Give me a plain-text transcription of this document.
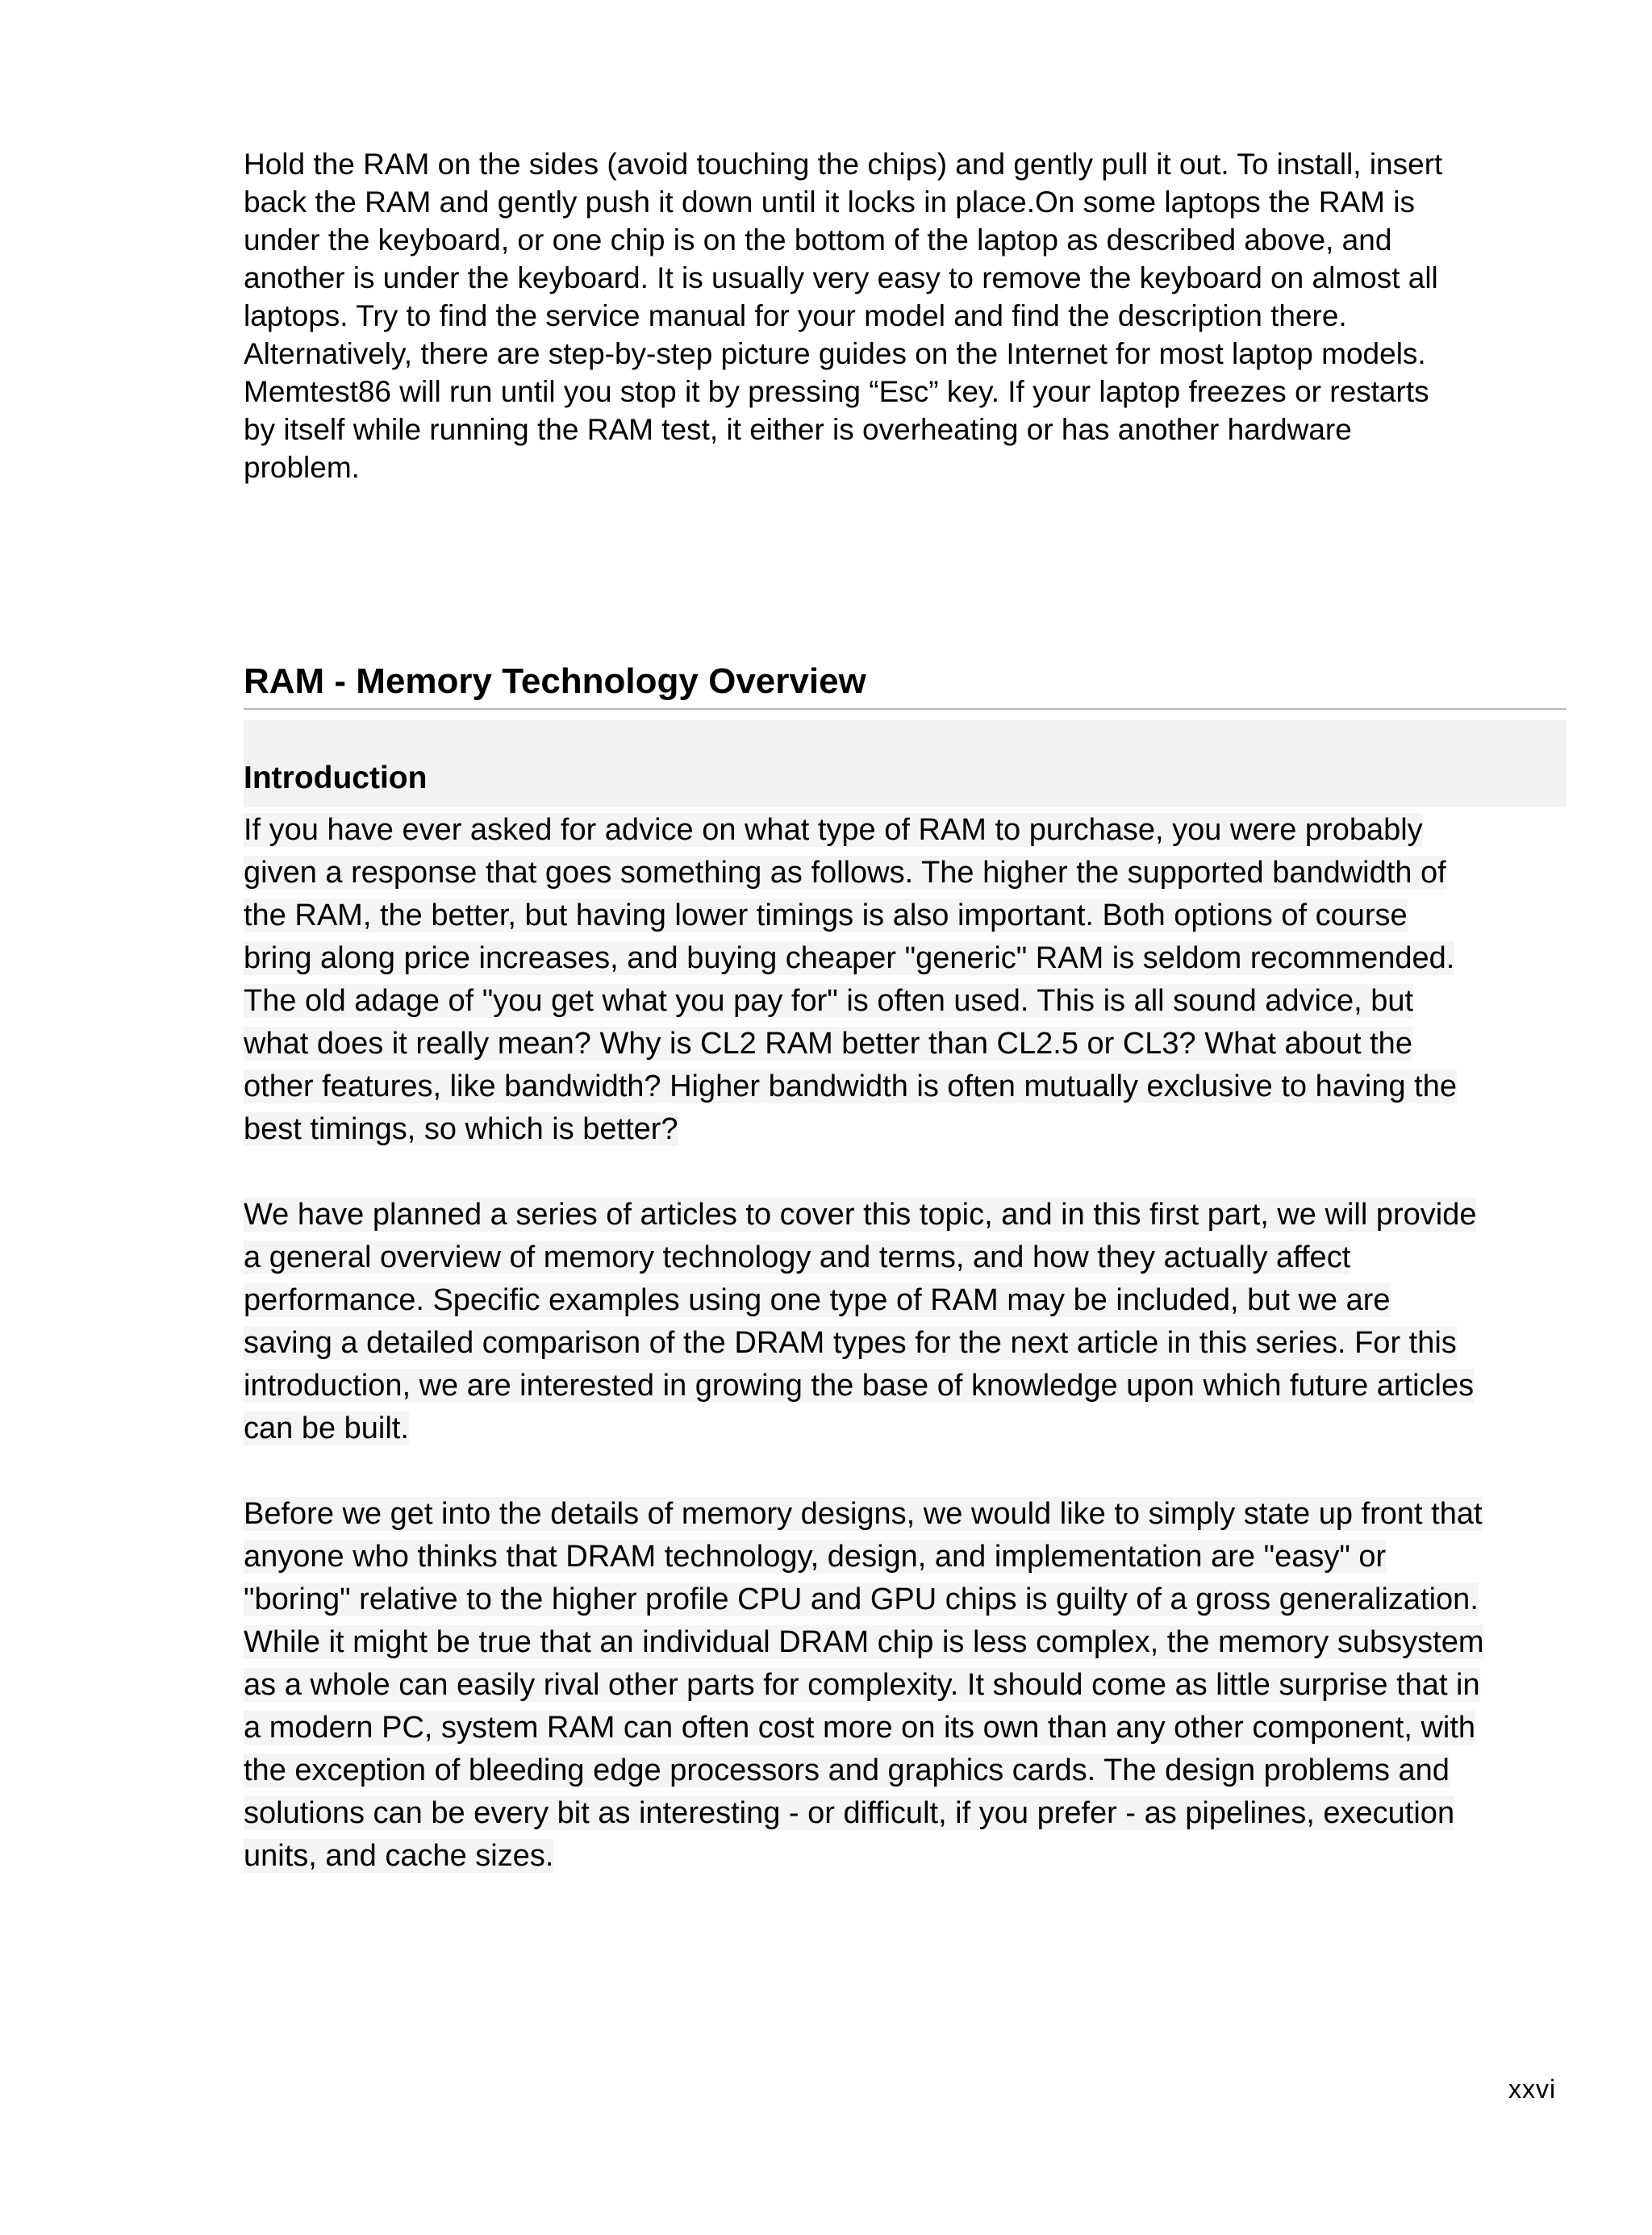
Hold the RAM on the sides (avoid touching the chips) and gently pull it out. To install, insert
back the RAM and gently push it down until it locks in place.On some laptops the RAM is
under the keyboard, or one chip is on the bottom of the laptop as described above, and
another is under the keyboard. It is usually very easy to remove the keyboard on almost all
laptops. Try to find the service manual for your model and find the description there.
Alternatively, there are step-by-step picture guides on the Internet for most laptop models.
Memtest86 will run until you stop it by pressing “Esc” key. If your laptop freezes or restarts
by itself while running the RAM test, it either is overheating or has another hardware
problem.

RAM - Memory Technology Overview
Introduction

If you have ever asked for advice on what type of RAM to purchase, you were probably
given a response that goes something as follows. The higher the supported bandwidth of
the RAM, the better, but having lower timings is also important. Both options of course
bring along price increases, and buying cheaper "generic" RAM is seldom recommended.
The old adage of "you get what you pay for" is often used. This is all sound advice, but
what does it really mean? Why is CL2 RAM better than CL2.5 or CL3? What about the
other features, like bandwidth? Higher bandwidth is often mutually exclusive to having the
best timings, so which is better?

We have planned a series of articles to cover this topic, and in this first part, we will provide
a general overview of memory technology and terms, and how they actually affect
performance. Specific examples using one type of RAM may be included, but we are
saving a detailed comparison of the DRAM types for the next article in this series. For this
introduction, we are interested in growing the base of knowledge upon which future articles
can be built.

Before we get into the details of memory designs, we would like to simply state up front that
anyone who thinks that DRAM technology, design, and implementation are "easy" or
"boring" relative to the higher profile CPU and GPU chips is guilty of a gross generalization.
While it might be true that an individual DRAM chip is less complex, the memory subsystem
as a whole can easily rival other parts for complexity. It should come as little surprise that in
a modern PC, system RAM can often cost more on its own than any other component, with
the exception of bleeding edge processors and graphics cards. The design problems and
solutions can be every bit as interesting - or difficult, if you prefer - as pipelines, execution
units, and cache sizes.

xxvi
